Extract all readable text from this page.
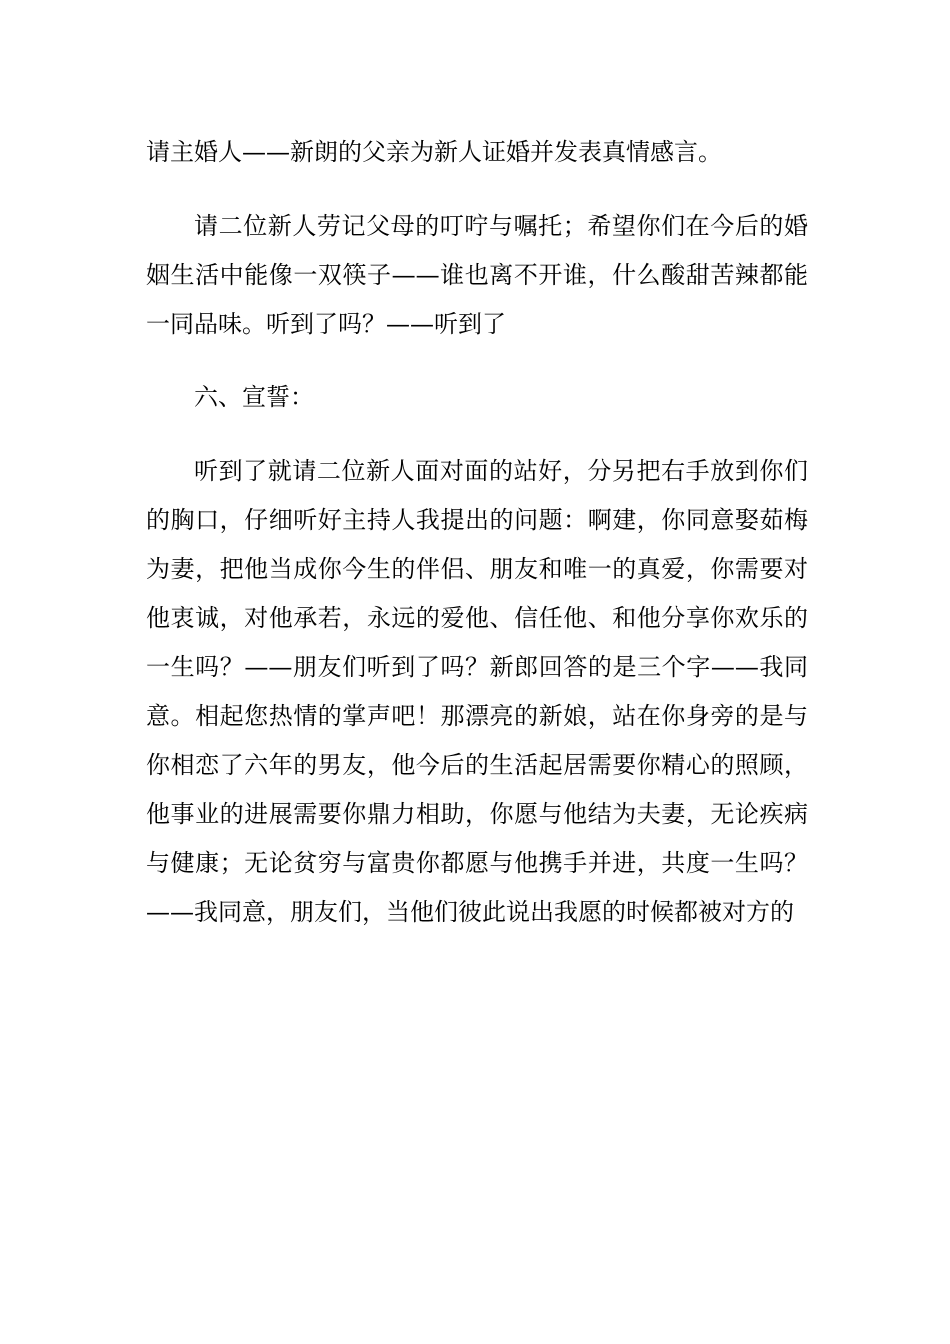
请主婚人——新朗的父亲为新人证婚并发表真情感言。

请二位新人劳记父母的叮咛与嘱托；希望你们在今后的婚姻生活中能像一双筷子——谁也离不开谁，什么酸甜苦辣都能一同品味。听到了吗？——听到了

六、宣誓：

听到了就请二位新人面对面的站好，分另把右手放到你们的胸口，仔细听好主持人我提出的问题：啊建，你同意娶茹梅为妻，把他当成你今生的伴侣、朋友和唯一的真爱，你需要对他衷诚，对他承若，永远的爱他、信任他、和他分享你欢乐的一生吗？——朋友们听到了吗？新郎回答的是三个字——我同意。相起您热情的掌声吧！那漂亮的新娘，站在你身旁的是与你相恋了六年的男友，他今后的生活起居需要你精心的照顾，他事业的进展需要你鼎力相助，你愿与他结为夫妻，无论疾病与健康；无论贫穷与富贵你都愿与他携手并进，共度一生吗？——我同意，朋友们，当他们彼此说出我愿的时候都被对方的
